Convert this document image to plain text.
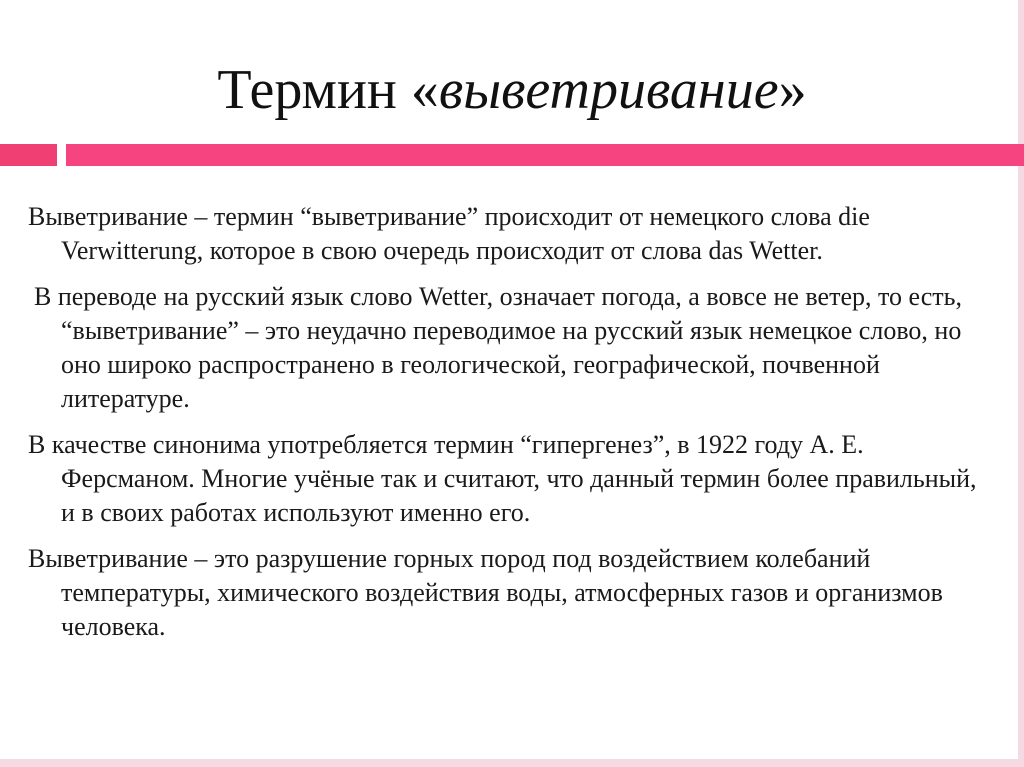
Термин «выветривание»

Выветривание – термин “выветривание” происходит от немецкого слова die Verwitterung, которое в свою очередь происходит от слова das Wetter.

В переводе на русский язык слово Wetter, означает погода, а вовсе не ветер, то есть, “выветривание” – это неудачно переводимое на русский язык немецкое слово, но оно широко распространено в геологической, географической, почвенной литературе.

В качестве синонима употребляется термин “гипергенез”, в 1922 году А. Е. Ферсманом. Многие учёные так и считают, что данный термин более правильный, и в своих работах используют именно его.

Выветривание – это разрушение горных пород под воздействием колебаний температуры, химического воздействия воды, атмосферных газов и организмов человека.
